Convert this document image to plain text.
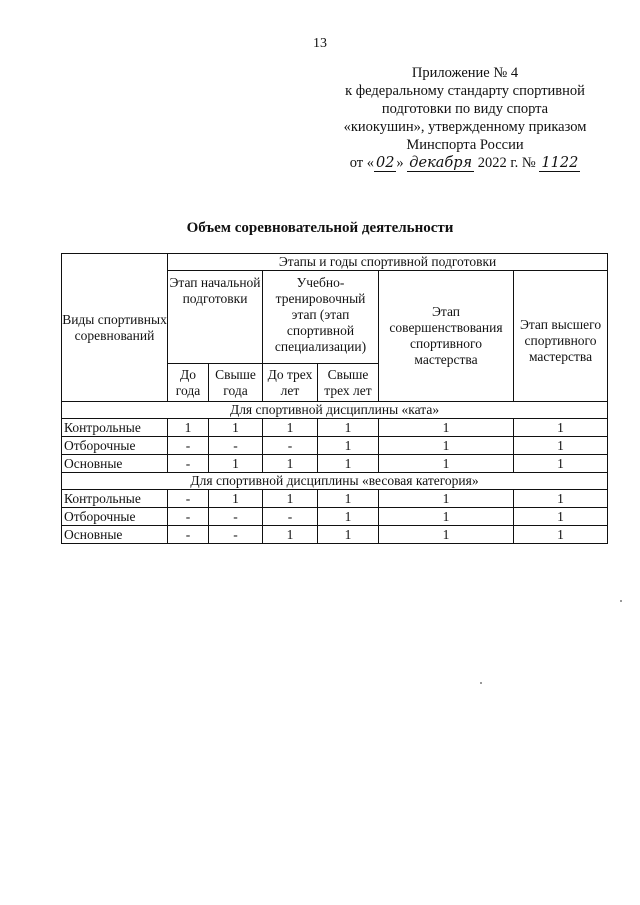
13
Приложение № 4
к федеральному стандарту спортивной
подготовки по виду спорта
«киокушин», утвержденному приказом
Минспорта России
от « 02 » декабря 2022 г. № 1122
Объем соревновательной деятельности
Виды спортивных соревнований	Этапы и годы спортивной подготовки					
	Этап начальной подготовки		Учебно-тренировочный этап (этап спортивной специализации)		Этап совершенствования спортивного мастерства	Этап высшего спортивного мастерства
	До года	Свыше года	До трех лет	Свыше трех лет		
Для спортивной дисциплины «ката»						
Контрольные	1	1	1	1	1	1
Отборочные	-	-	-	1	1	1
Основные	-	1	1	1	1	1
Для спортивной дисциплины «весовая категория»						
Контрольные	-	1	1	1	1	1
Отборочные	-	-	-	1	1	1
Основные	-	-	1	1	1	1
